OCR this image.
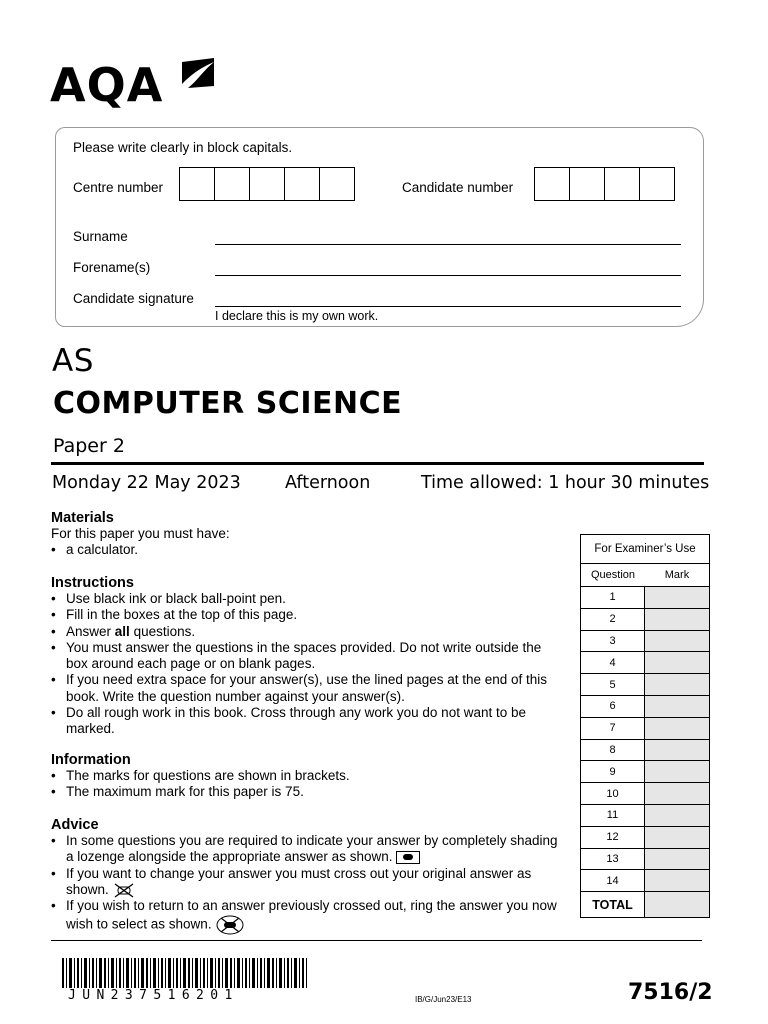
AQA
Please write clearly in block capitals.
Centre number	Candidate number
Surname
Forename(s)
Candidate signature
I declare this is my own work.
AS
COMPUTER SCIENCE
Paper 2
Monday 22 May 2023	Afternoon	Time allowed: 1 hour 30 minutes
Materials
For this paper you must have:
• a calculator.
Instructions
• Use black ink or black ball-point pen.
• Fill in the boxes at the top of this page.
• Answer all questions.
• You must answer the questions in the spaces provided. Do not write outside the box around each page or on blank pages.
• If you need extra space for your answer(s), use the lined pages at the end of this book. Write the question number against your answer(s).
• Do all rough work in this book. Cross through any work you do not want to be marked.
Information
• The marks for questions are shown in brackets.
• The maximum mark for this paper is 75.
Advice
• In some questions you are required to indicate your answer by completely shading a lozenge alongside the appropriate answer as shown.
• If you want to change your answer you must cross out your original answer as shown.
• If you wish to return to an answer previously crossed out, ring the answer you now wish to select as shown.
For Examiner’s Use
Question	Mark
1
2
3
4
5
6
7
8
9
10
11
12
13
14
TOTAL
JUN237516201	IB/G/Jun23/E13	7516/2
